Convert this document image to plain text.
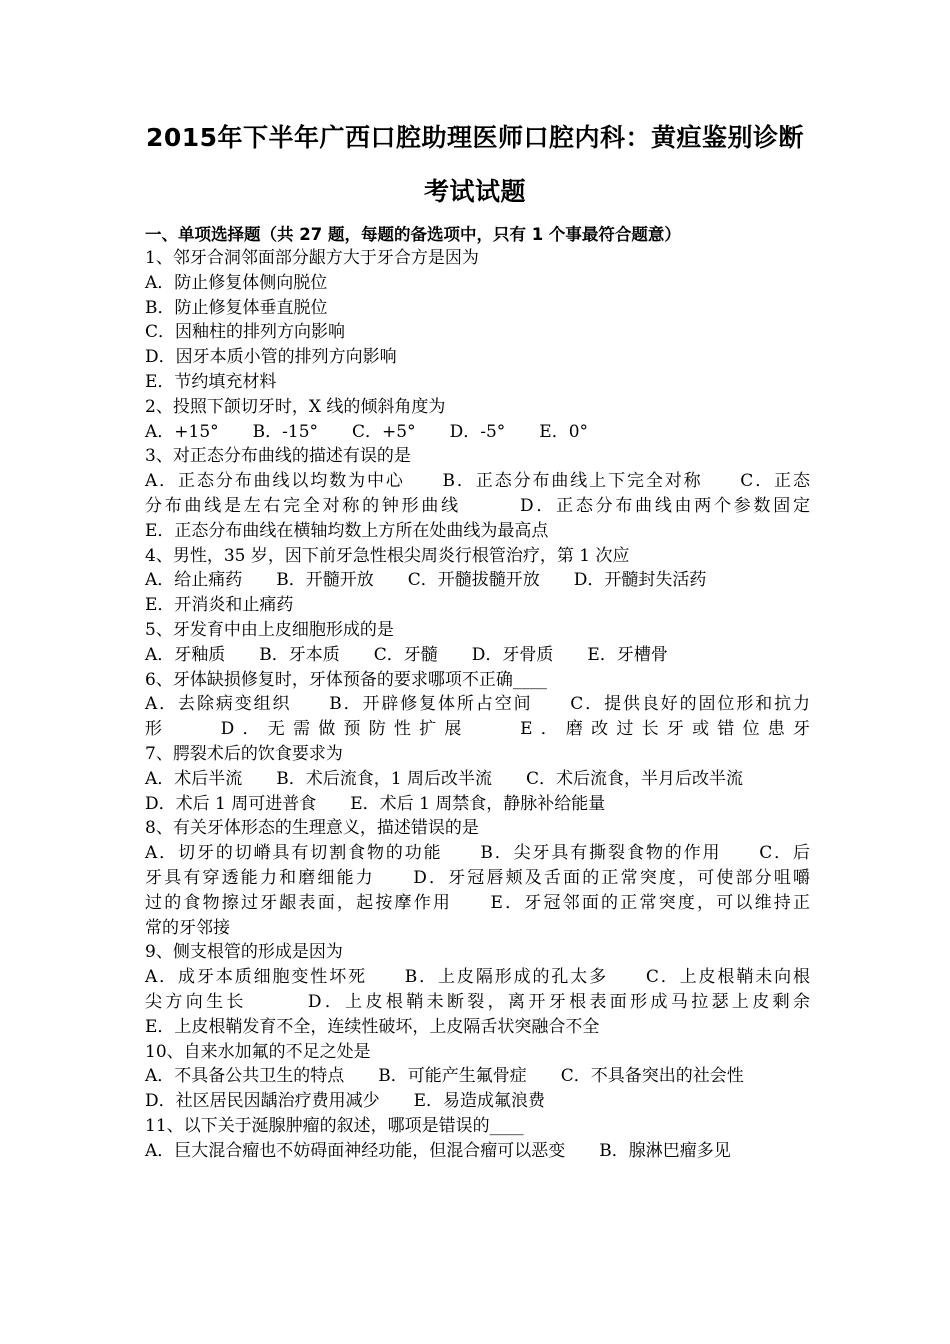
2015年下半年广西口腔助理医师口腔内科：黄疸鉴别诊断
考试试题
一、单项选择题（共 27 题，每题的备选项中，只有 1 个事最符合题意）
1、邻牙合洞邻面部分龈方大于牙合方是因为
A．防止修复体侧向脱位
B．防止修复体垂直脱位
C．因釉柱的排列方向影响
D．因牙本质小管的排列方向影响
E．节约填充材料
2、投照下颌切牙时，X 线的倾斜角度为
A．+15°　　B．-15°　　C．+5°　　D．-5°　　E．0°
3、对正态分布曲线的描述有误的是
A．正态分布曲线以均数为中心　　B．正态分布曲线上下完全对称　　C．正态
分布曲线是左右完全对称的钟形曲线　　　D．正态分布曲线由两个参数固定
E．正态分布曲线在横轴均数上方所在处曲线为最高点
4、男性，35 岁，因下前牙急性根尖周炎行根管治疗，第 1 次应
A．给止痛药　　B．开髓开放　　C．开髓拔髓开放　　D．开髓封失活药
E．开消炎和止痛药
5、牙发育中由上皮细胞形成的是
A．牙釉质　　B．牙本质　　C．牙髓　　D．牙骨质　　E．牙槽骨
6、牙体缺损修复时，牙体预备的要求哪项不正确____
A．去除病变组织　　B．开辟修复体所占空间　　C．提供良好的固位形和抗力
形　　D．无需做预防性扩展　　E．磨改过长牙或错位患牙
7、腭裂术后的饮食要求为
A．术后半流　　B．术后流食，1 周后改半流　　C．术后流食，半月后改半流
D．术后 1 周可进普食　　E．术后 1 周禁食，静脉补给能量
8、有关牙体形态的生理意义，描述错误的是
A．切牙的切嵴具有切割食物的功能　　B．尖牙具有撕裂食物的作用　　C．后
牙具有穿透能力和磨细能力　　D．牙冠唇颊及舌面的正常突度，可使部分咀嚼
过的食物擦过牙龈表面，起按摩作用　　E．牙冠邻面的正常突度，可以维持正
常的牙邻接
9、侧支根管的形成是因为
A．成牙本质细胞变性坏死　　B．上皮隔形成的孔太多　　C．上皮根鞘未向根
尖方向生长　　　D．上皮根鞘未断裂，离开牙根表面形成马拉瑟上皮剩余
E．上皮根鞘发育不全，连续性破坏，上皮隔舌状突融合不全
10、自来水加氟的不足之处是
A．不具备公共卫生的特点　　B．可能产生氟骨症　　C．不具备突出的社会性
D．社区居民因龋治疗费用减少　　E．易造成氟浪费
11、以下关于涎腺肿瘤的叙述，哪项是错误的____
A．巨大混合瘤也不妨碍面神经功能，但混合瘤可以恶变　　B．腺淋巴瘤多见
